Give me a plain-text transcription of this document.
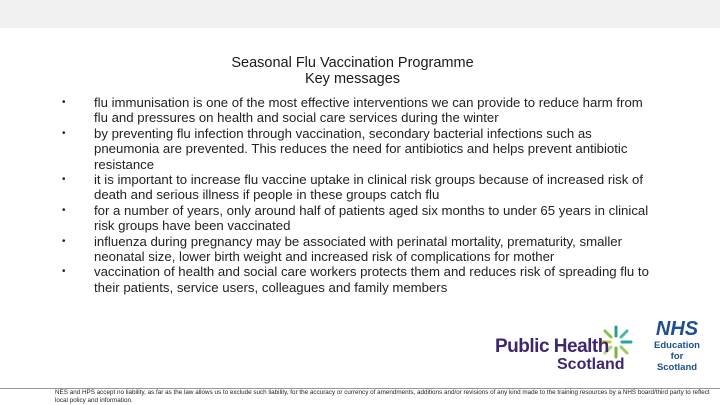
Seasonal Flu Vaccination Programme
Key messages
• flu immunisation is one of the most effective interventions we can provide to reduce harm from flu and pressures on health and social care services during the winter
• by preventing flu infection through vaccination, secondary bacterial infections such as pneumonia are prevented. This reduces the need for antibiotics and helps prevent antibiotic resistance
• it is important to increase flu vaccine uptake in clinical risk groups because of increased risk of death and serious illness if people in these groups catch flu
• for a number of years, only around half of patients aged six months to under 65 years in clinical risk groups have been vaccinated
• influenza during pregnancy may be associated with perinatal mortality, prematurity, smaller neonatal size, lower birth weight and increased risk of complications for mother
• vaccination of health and social care workers protects them and reduces risk of spreading flu to their patients, service users, colleagues and family members
Public Health
Scotland
NHS
Education
for
Scotland
NES and HPS accept no liability, as far as the law allows us to exclude such liability, for the accuracy or currency of amendments, additions and/or revisions of any kind made to the training resources by a NHS board/third party to reflect local policy and information.
